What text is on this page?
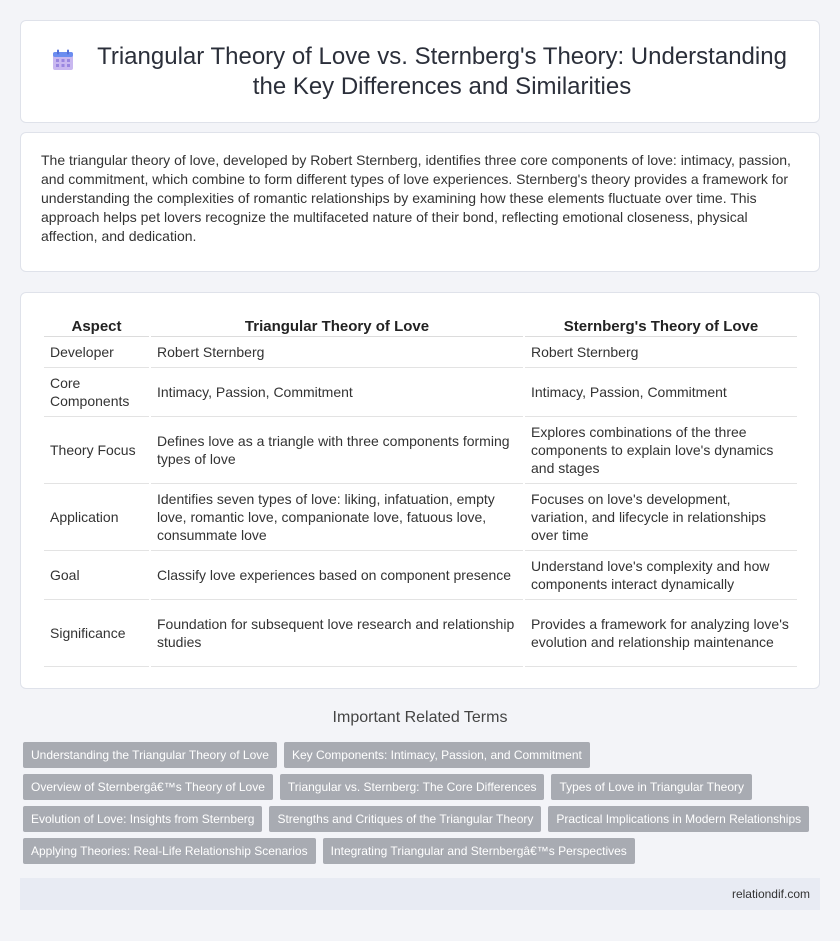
Triangular Theory of Love vs. Sternberg's Theory: Understanding the Key Differences and Similarities

The triangular theory of love, developed by Robert Sternberg, identifies three core components of love: intimacy, passion, and commitment, which combine to form different types of love experiences. Sternberg's theory provides a framework for understanding the complexities of romantic relationships by examining how these elements fluctuate over time. This approach helps pet lovers recognize the multifaceted nature of their bond, reflecting emotional closeness, physical affection, and dedication.

Aspect	Triangular Theory of Love	Sternberg's Theory of Love
Developer	Robert Sternberg	Robert Sternberg
Core Components	Intimacy, Passion, Commitment	Intimacy, Passion, Commitment
Theory Focus	Defines love as a triangle with three components forming types of love	Explores combinations of the three components to explain love's dynamics and stages
Application	Identifies seven types of love: liking, infatuation, empty love, romantic love, companionate love, fatuous love, consummate love	Focuses on love's development, variation, and lifecycle in relationships over time
Goal	Classify love experiences based on component presence	Understand love's complexity and how components interact dynamically
Significance	Foundation for subsequent love research and relationship studies	Provides a framework for analyzing love's evolution and relationship maintenance
Important Related Terms
Understanding the Triangular Theory of Love	Key Components: Intimacy, Passion, and Commitment
Overview of Sternbergâ€™s Theory of Love	Triangular vs. Sternberg: The Core Differences	Types of Love in Triangular Theory
Evolution of Love: Insights from Sternberg	Strengths and Critiques of the Triangular Theory	Practical Implications in Modern Relationships
Applying Theories: Real-Life Relationship Scenarios	Integrating Triangular and Sternbergâ€™s Perspectives
relationdif.com
